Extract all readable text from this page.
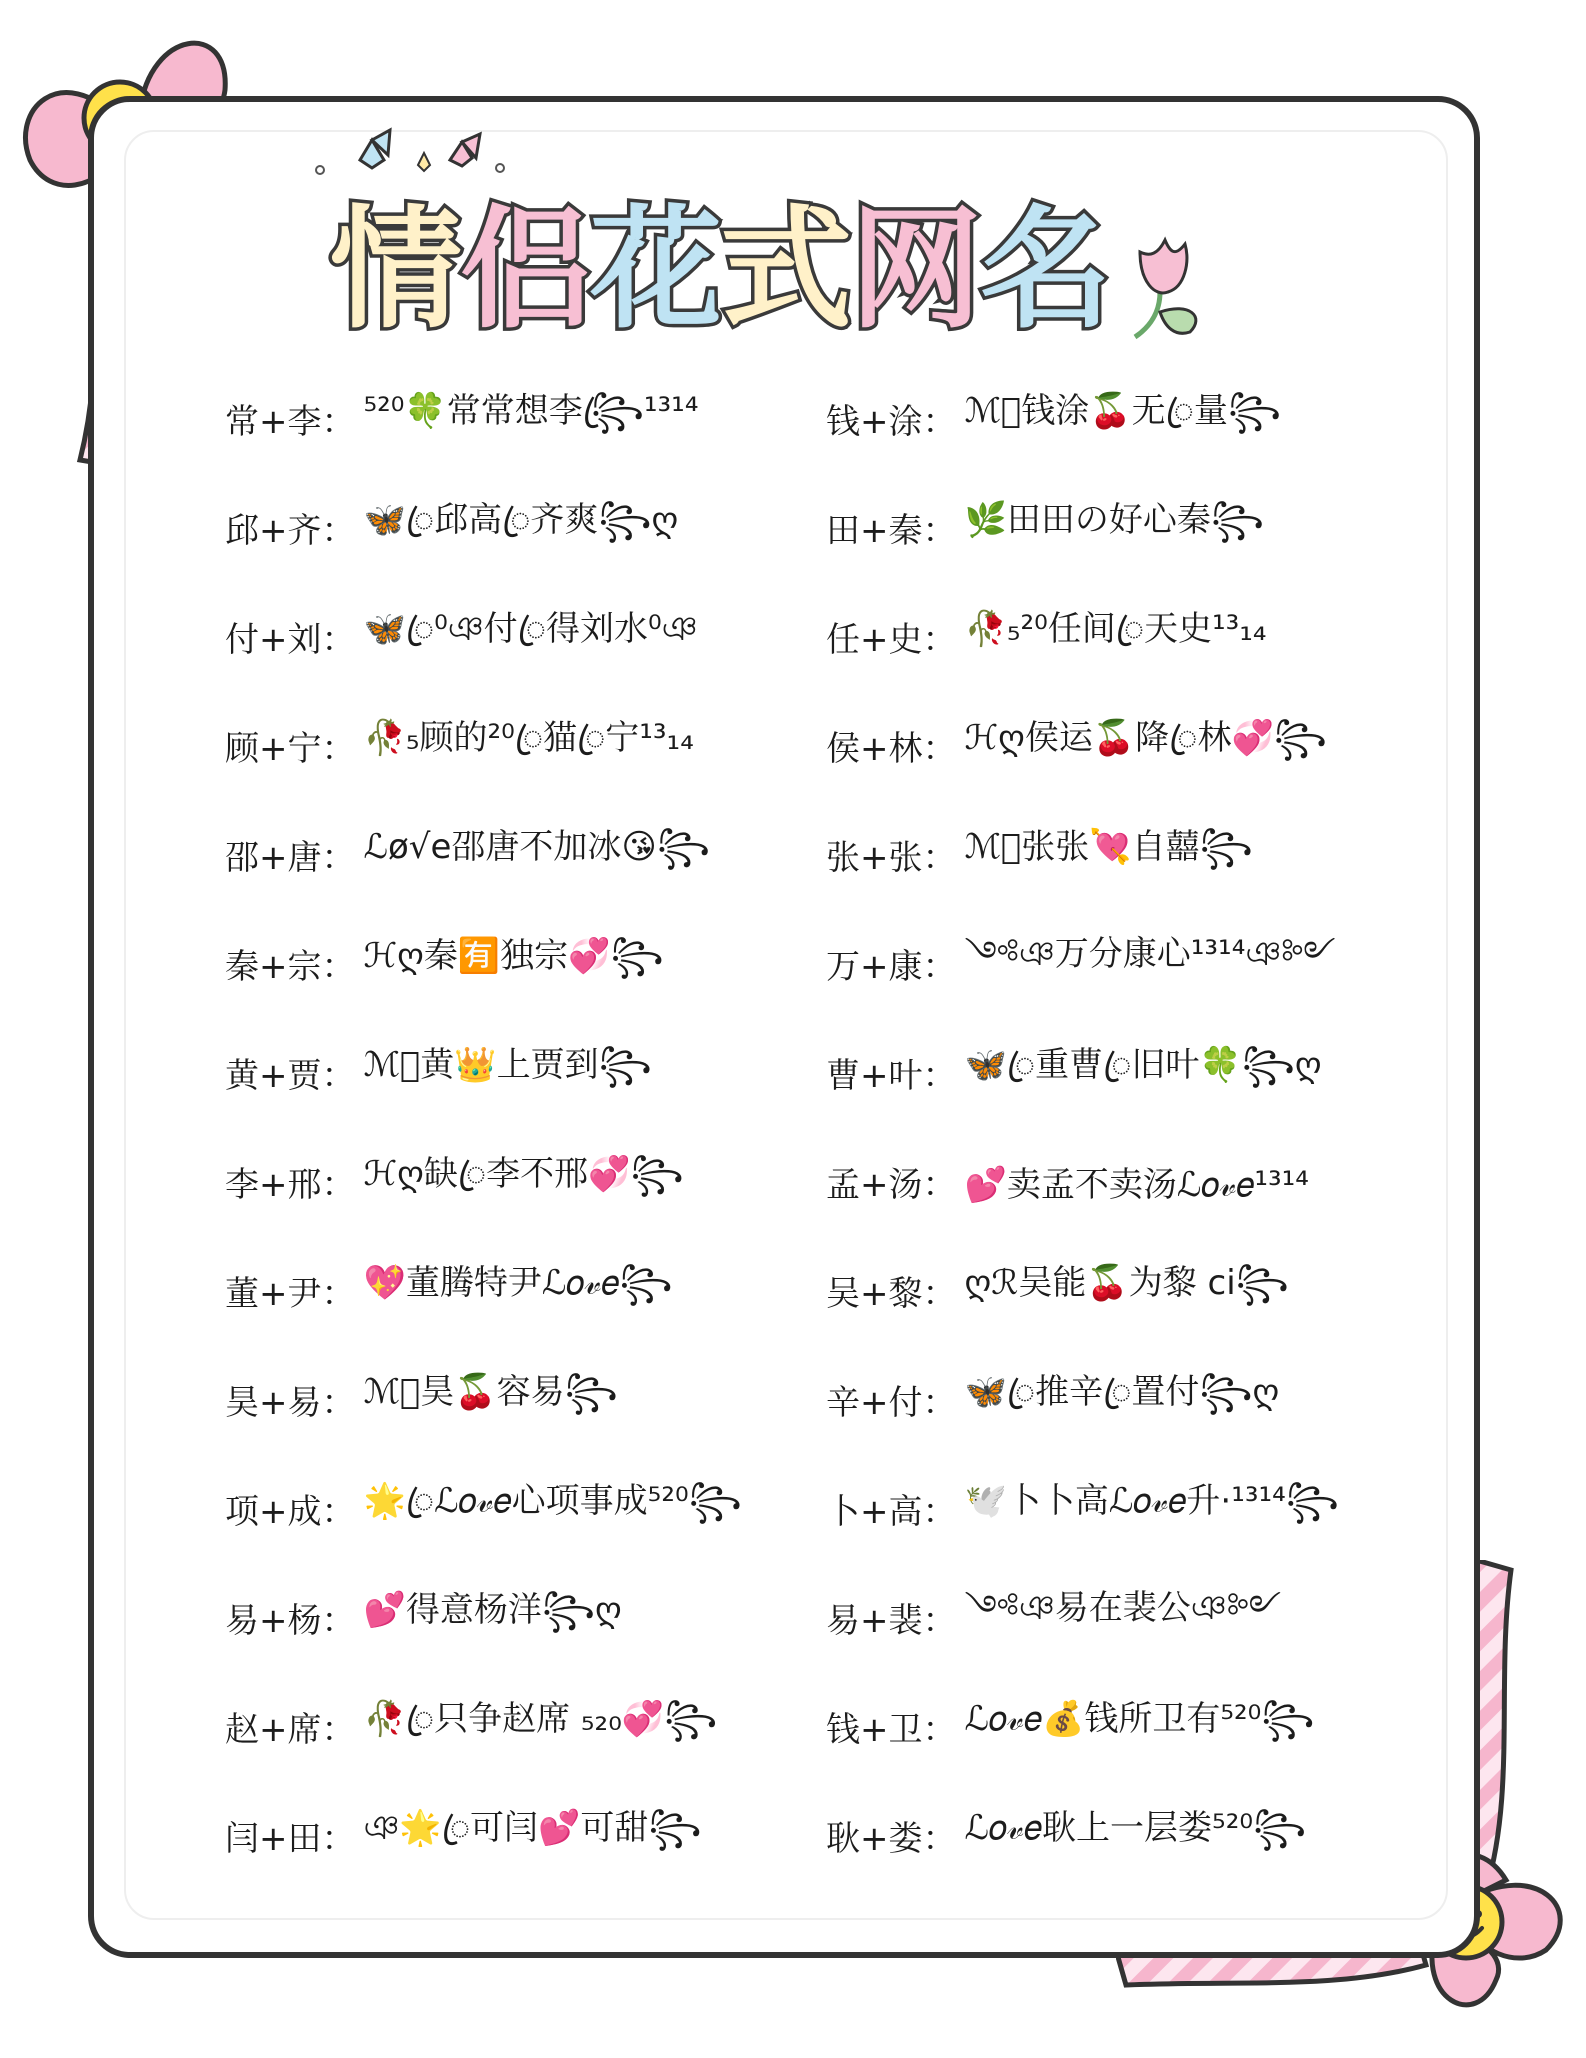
情
侣
花
式
网
名
常+李： ⁵²⁰🍀常常想李꧂ꦿ¹³¹⁴	钱+涂： ℳꦿ钱涂🍒无ꦿ量꧂
邱+齐： 🦋ꦿ邱高ꦿ齐爽꧂ღ	田+秦： 🌿田田の好心秦꧂
付+刘： 🦋ꦿ⁰ঞ付ꦿ得刘水⁰ঞ	任+史： 🥀₅²⁰任间ꦿ天史¹³₁₄
顾+宁： 🥀₅顾的²⁰ꦿ猫ꦿ宁¹³₁₄	侯+林： ℋღ侯运🍒降ꦿ林💞꧂
邵+唐： ℒø√e邵唐不加冰😘꧂	张+张： ℳꦿ张张💘自囍꧂
秦+宗： ℋღ秦🈶独宗💞꧂	万+康： ༺ঞ万分康心¹³¹⁴ঞ༻
黄+贾： ℳꦿ黄👑上贾到꧂	曹+叶： 🦋ꦿ重曹ꦿ旧叶🍀꧂ღ
李+邢： ℋღ缺ꦿ李不邢💞꧂	孟+汤： 💕卖孟不卖汤ℒ𝑜𝓋𝑒¹³¹⁴
董+尹： 💖董腾特尹ℒ𝑜𝓋𝑒꧂	吴+黎： ღℛ吴能🍒为黎 ci꧂
昊+易： ℳꦿ昊🍒容易꧂	辛+付： 🦋ꦿ推辛ꦿ置付꧂ღ
项+成： 🌟ꦿℒ𝑜𝓋𝑒心项事成⁵²⁰꧂ 卜+高： 🕊️卜卜高ℒ𝑜𝓋𝑒升·¹³¹⁴꧂
易+杨： 💕得意杨洋꧂ღ	易+裴： ༺ঞ易在裴公ঞ༻
赵+席： 🥀ꦿ只争赵席 ₅₂₀💞꧂	钱+卫： ℒ𝑜𝓋𝑒💰钱所卫有⁵²⁰꧂
闫+田： ঞ🌟ꦿ可闫💕可甜꧂	耿+娄： ℒ𝑜𝓋𝑒耿上一层娄⁵²⁰꧂
